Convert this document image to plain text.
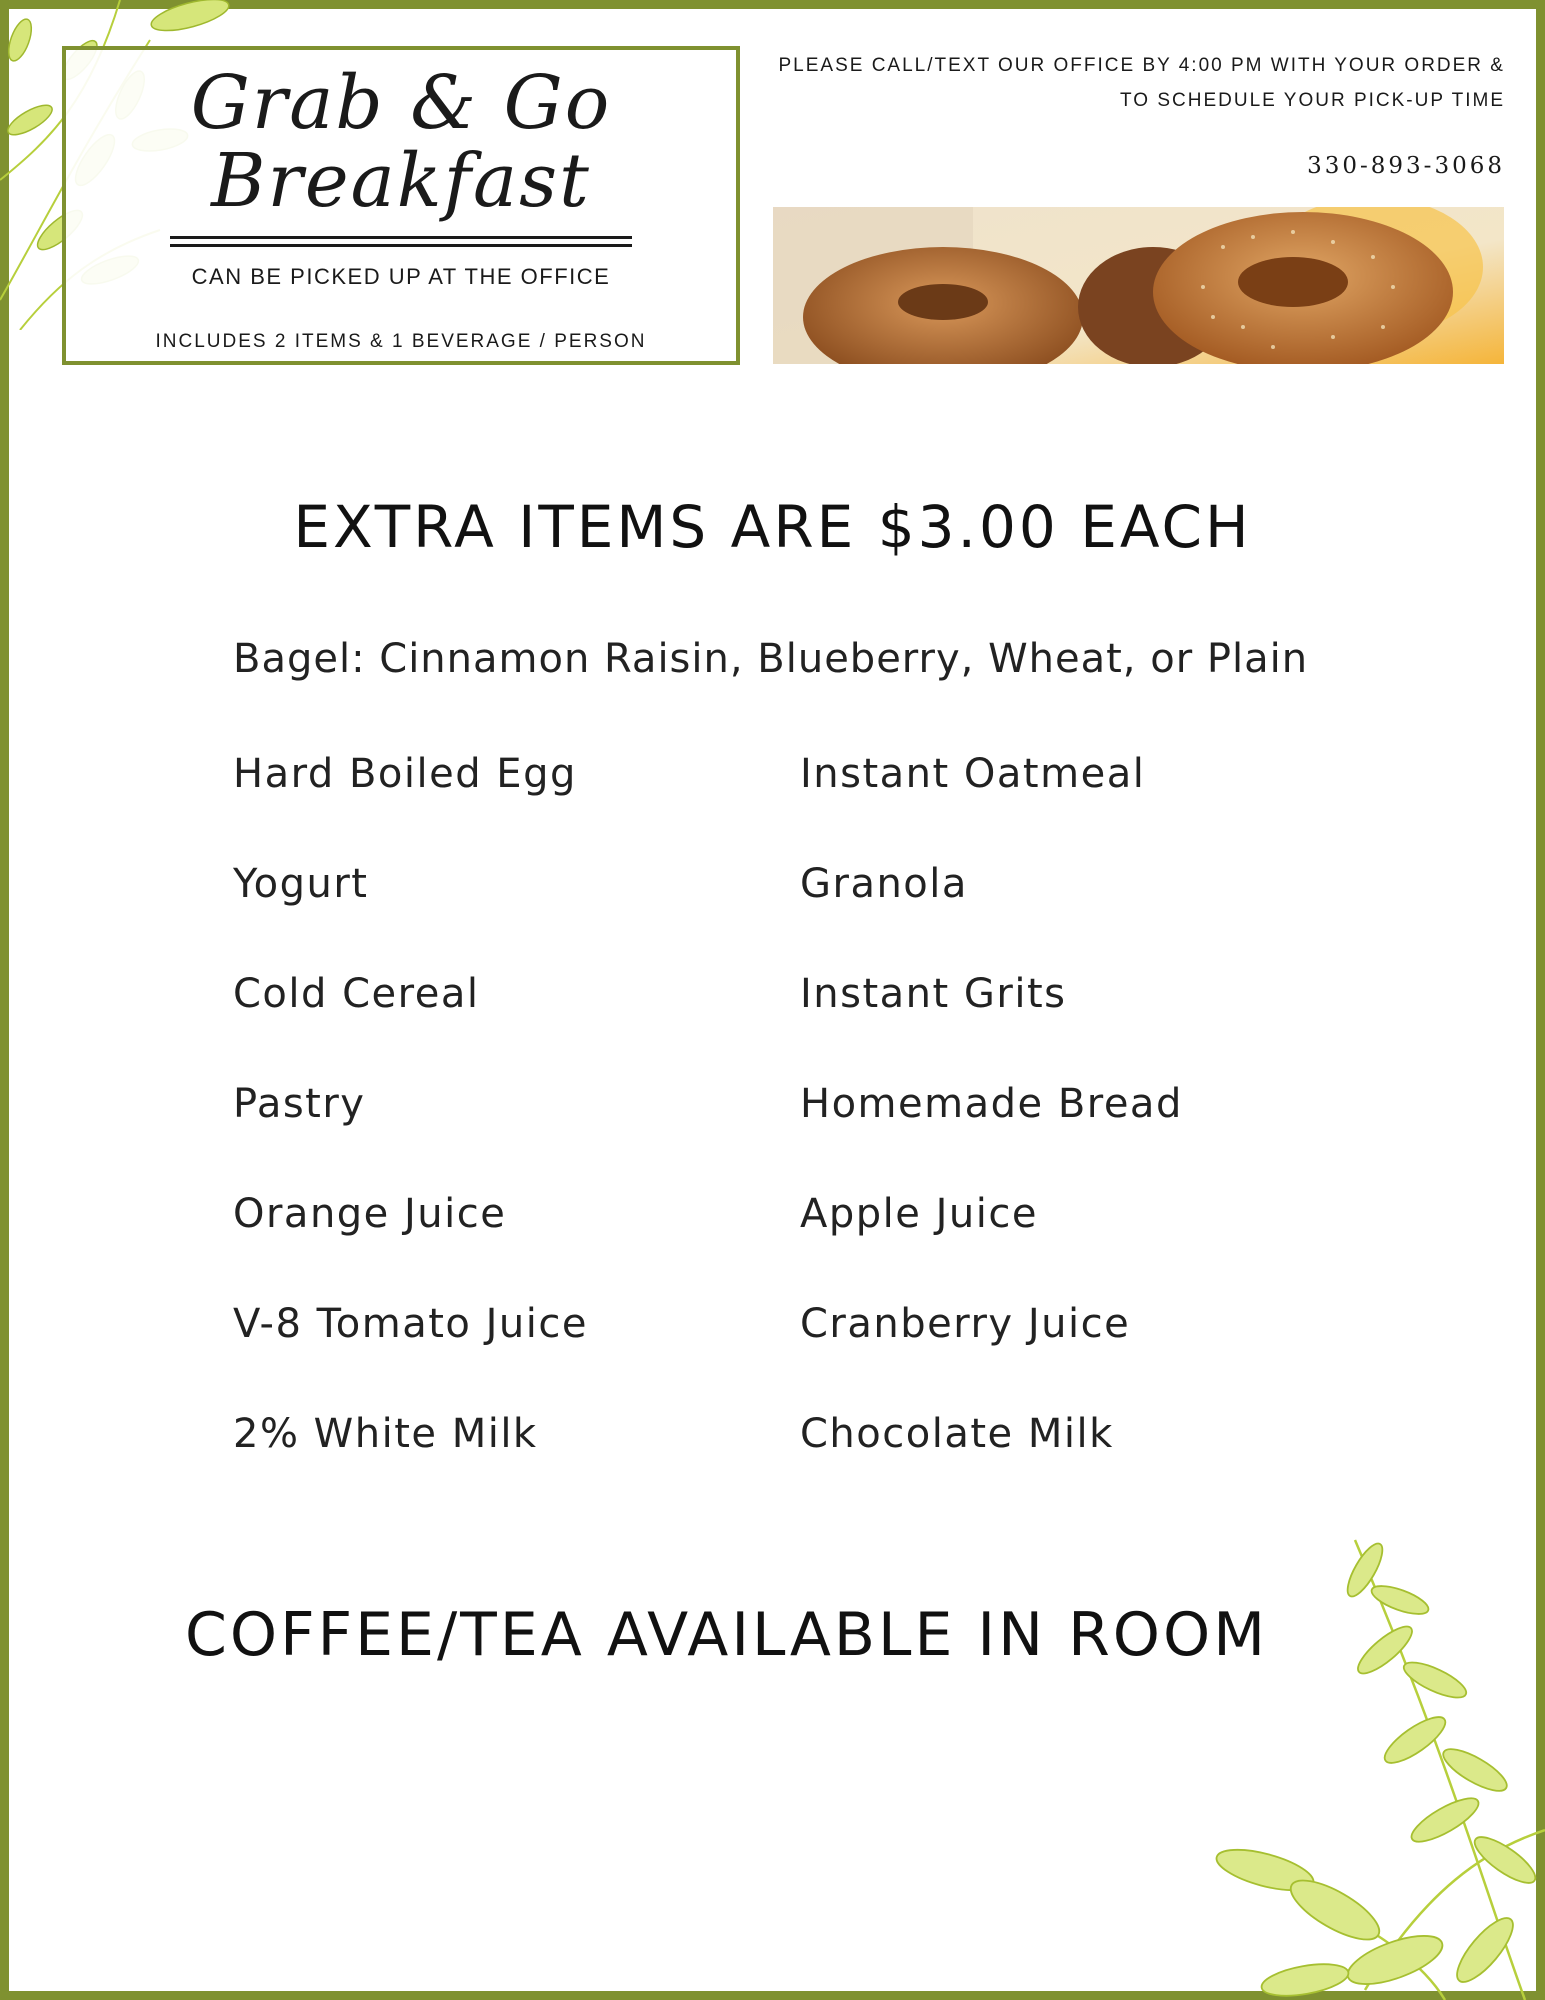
Grab & Go
Breakfast
CAN BE PICKED UP AT THE OFFICE
INCLUDES 2 ITEMS & 1 BEVERAGE / PERSON
PLEASE CALL/TEXT OUR OFFICE BY 4:00 PM WITH YOUR ORDER &
TO SCHEDULE YOUR PICK-UP TIME
330-893-3068
EXTRA ITEMS ARE $3.00 EACH
Bagel: Cinnamon Raisin, Blueberry, Wheat, or Plain
Hard Boiled Egg
Yogurt
Cold Cereal
Pastry
Orange Juice
V-8 Tomato Juice
2% White Milk
Instant Oatmeal
Granola
Instant Grits
Homemade Bread
Apple Juice
Cranberry Juice
Chocolate Milk
COFFEE/TEA AVAILABLE IN ROOM
